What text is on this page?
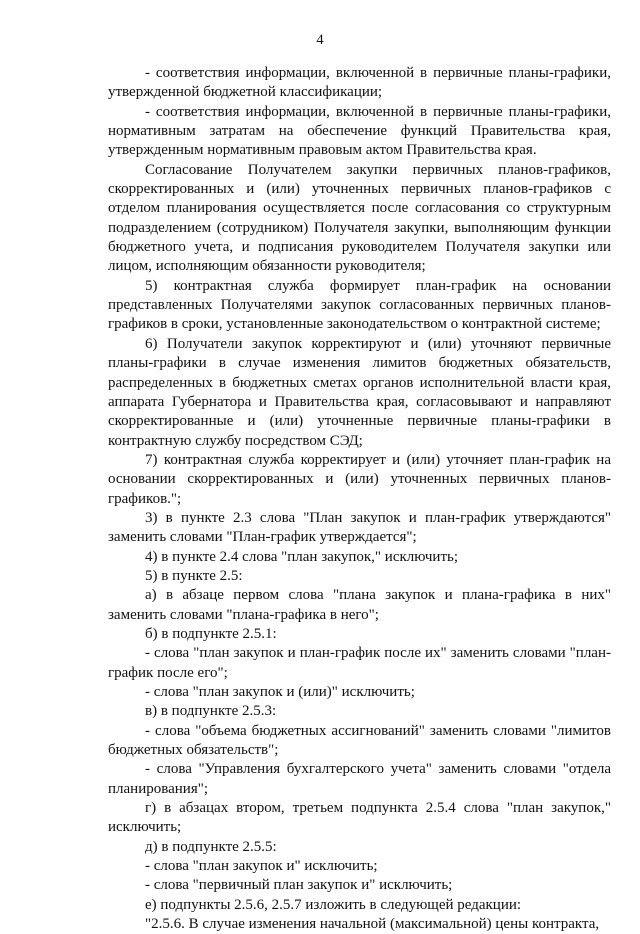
4

- соответствия информации, включенной в первичные планы-графики, утвержденной бюджетной классификации;

- соответствия информации, включенной в первичные планы-графики, нормативным затратам на обеспечение функций Правительства края, утвержденным нормативным правовым актом Правительства края.

Согласование Получателем закупки первичных планов-графиков, скорректированных и (или) уточненных первичных планов-графиков с отделом планирования осуществляется после согласования со структурным подразделением (сотрудником) Получателя закупки, выполняющим функции бюджетного учета, и подписания руководителем Получателя закупки или лицом, исполняющим обязанности руководителя;

5) контрактная служба формирует план-график на основании представленных Получателями закупок согласованных первичных планов-графиков в сроки, установленные законодательством о контрактной системе;

6) Получатели закупок корректируют и (или) уточняют первичные планы-графики в случае изменения лимитов бюджетных обязательств, распределенных в бюджетных сметах органов исполнительной власти края, аппарата Губернатора и Правительства края, согласовывают и направляют скорректированные и (или) уточненные первичные планы-графики в контрактную службу посредством СЭД;

7) контрактная служба корректирует и (или) уточняет план-график на основании скорректированных и (или) уточненных первичных планов-графиков.";

3) в пункте 2.3 слова "План закупок и план-график утверждаются" заменить словами "План-график утверждается";

4) в пункте 2.4 слова "план закупок," исключить;

5) в пункте 2.5:

а) в абзаце первом слова "плана закупок и плана-графика в них" заменить словами "плана-графика в него";

б) в подпункте 2.5.1:

- слова "план закупок и план-график после их" заменить словами "план-график после его";

- слова "план закупок и (или)" исключить;

в) в подпункте 2.5.3:

- слова "объема бюджетных ассигнований" заменить словами "лимитов бюджетных обязательств";

- слова "Управления бухгалтерского учета" заменить словами "отдела планирования";

г) в абзацах втором, третьем подпункта 2.5.4 слова "план закупок," исключить;

д) в подпункте 2.5.5:

- слова "план закупок и" исключить;

- слова "первичный план закупок и" исключить;

е) подпункты 2.5.6, 2.5.7 изложить в следующей редакции:

"2.5.6. В случае изменения начальной (максимальной) цены контракта,
